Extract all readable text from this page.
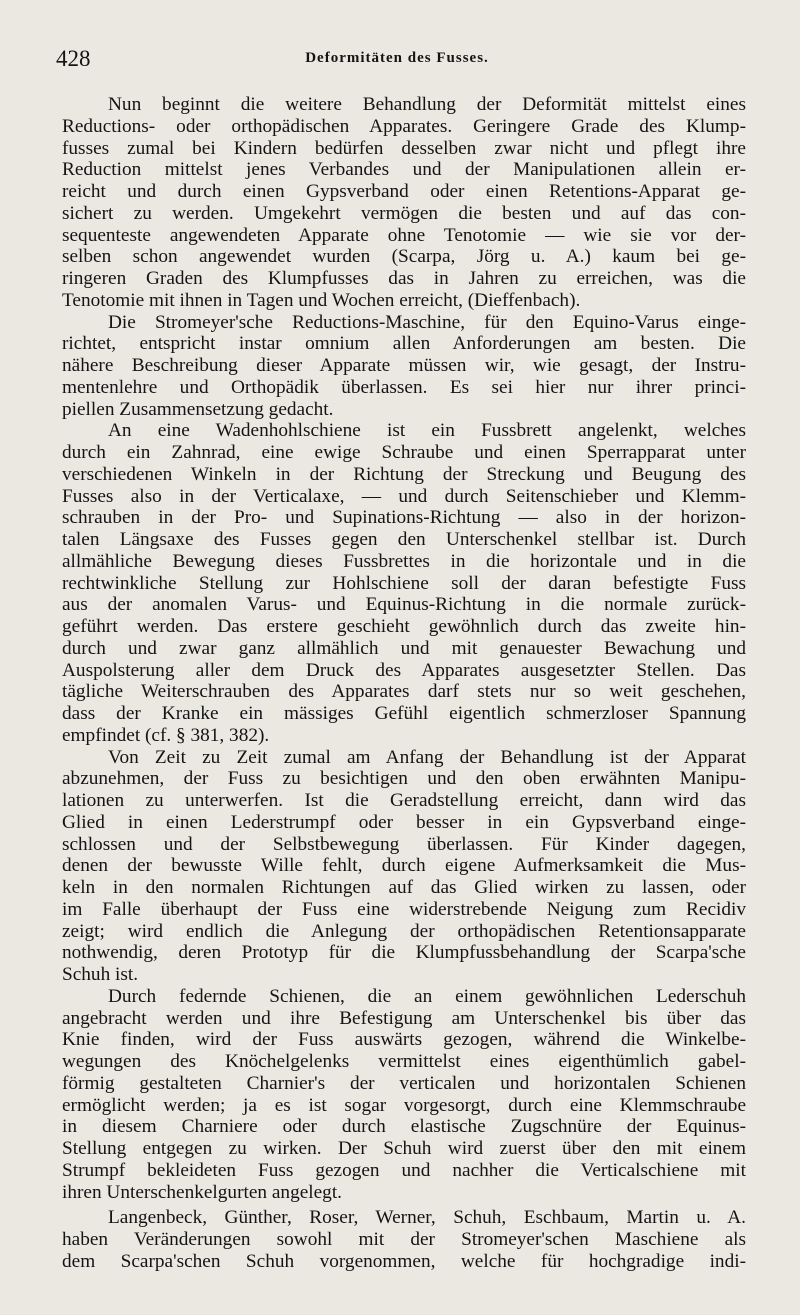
428	Deformitäten des Fusses.
Nun beginnt die weitere Behandlung der Deformität mittelst eines
Reductions- oder orthopädischen Apparates. Geringere Grade des Klump-
fusses zumal bei Kindern bedürfen desselben zwar nicht und pflegt ihre
Reduction mittelst jenes Verbandes und der Manipulationen allein er-
reicht und durch einen Gypsverband oder einen Retentions-Apparat ge-
sichert zu werden. Umgekehrt vermögen die besten und auf das con-
sequenteste angewendeten Apparate ohne Tenotomie — wie sie vor der-
selben schon angewendet wurden (Scarpa, Jörg u. A.) kaum bei ge-
ringeren Graden des Klumpfusses das in Jahren zu erreichen, was die
Tenotomie mit ihnen in Tagen und Wochen erreicht, (Dieffenbach).
Die Stromeyer'sche Reductions-Maschine, für den Equino-Varus einge-
richtet, entspricht instar omnium allen Anforderungen am besten. Die
nähere Beschreibung dieser Apparate müssen wir, wie gesagt, der Instru-
mentenlehre und Orthopädik überlassen. Es sei hier nur ihrer princi-
piellen Zusammensetzung gedacht.
An eine Wadenhohlschiene ist ein Fussbrett angelenkt, welches
durch ein Zahnrad, eine ewige Schraube und einen Sperrapparat unter
verschiedenen Winkeln in der Richtung der Streckung und Beugung des
Fusses also in der Verticalaxe, — und durch Seitenschieber und Klemm-
schrauben in der Pro- und Supinations-Richtung — also in der horizon-
talen Längsaxe des Fusses gegen den Unterschenkel stellbar ist. Durch
allmähliche Bewegung dieses Fussbrettes in die horizontale und in die
rechtwinkliche Stellung zur Hohlschiene soll der daran befestigte Fuss
aus der anomalen Varus- und Equinus-Richtung in die normale zurück-
geführt werden. Das erstere geschieht gewöhnlich durch das zweite hin-
durch und zwar ganz allmählich und mit genauester Bewachung und
Auspolsterung aller dem Druck des Apparates ausgesetzter Stellen. Das
tägliche Weiterschrauben des Apparates darf stets nur so weit geschehen,
dass der Kranke ein mässiges Gefühl eigentlich schmerzloser Spannung
empfindet (cf. § 381, 382).
Von Zeit zu Zeit zumal am Anfang der Behandlung ist der Apparat
abzunehmen, der Fuss zu besichtigen und den oben erwähnten Manipu-
lationen zu unterwerfen. Ist die Geradstellung erreicht, dann wird das
Glied in einen Lederstrumpf oder besser in ein Gypsverband einge-
schlossen und der Selbstbewegung überlassen. Für Kinder dagegen,
denen der bewusste Wille fehlt, durch eigene Aufmerksamkeit die Mus-
keln in den normalen Richtungen auf das Glied wirken zu lassen, oder
im Falle überhaupt der Fuss eine widerstrebende Neigung zum Recidiv
zeigt; wird endlich die Anlegung der orthopädischen Retentionsapparate
nothwendig, deren Prototyp für die Klumpfussbehandlung der Scarpa'sche
Schuh ist.
Durch federnde Schienen, die an einem gewöhnlichen Lederschuh
angebracht werden und ihre Befestigung am Unterschenkel bis über das
Knie finden, wird der Fuss auswärts gezogen, während die Winkelbe-
wegungen des Knöchelgelenks vermittelst eines eigenthümlich gabel-
förmig gestalteten Charnier's der verticalen und horizontalen Schienen
ermöglicht werden; ja es ist sogar vorgesorgt, durch eine Klemmschraube
in diesem Charniere oder durch elastische Zugschnüre der Equinus-
Stellung entgegen zu wirken. Der Schuh wird zuerst über den mit einem
Strumpf bekleideten Fuss gezogen und nachher die Verticalschiene mit
ihren Unterschenkelgurten angelegt.
Langenbeck, Günther, Roser, Werner, Schuh, Eschbaum, Martin u. A.
haben Veränderungen sowohl mit der Stromeyer'schen Maschiene als
dem Scarpa'schen Schuh vorgenommen, welche für hochgradige indi-
